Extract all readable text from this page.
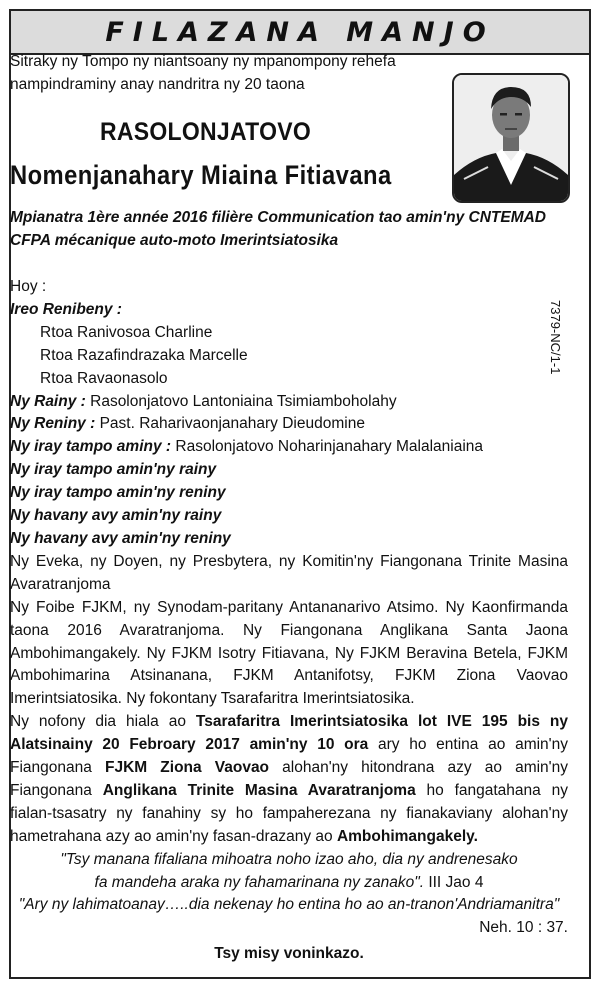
FILAZANA MANJO
Sitraky ny Tompo ny niantsoany ny mpanompony rehefa nampindraminy anay nandritra ny 20 taona
RASOLONJATOVO
Nomenjanahary Miaina Fitiavana
Mpianatra 1ère année 2016 filière Communication tao amin'ny CNTEMAD CFPA mécanique auto-moto Imerintsiatosika
7379-NC/1-1
Hoy :
Ireo Renibeny :
Rtoa Ranivosoa Charline
Rtoa Razafindrazaka Marcelle
Rtoa Ravaonasolo
Ny Rainy : Rasolonjatovo Lantoniaina Tsimiamboholahy
Ny Reniny : Past. Raharivaonjanahary Dieudomine
Ny iray tampo aminy : Rasolonjatovo Noharinjanahary Malalaniaina
Ny iray tampo amin'ny rainy
Ny iray tampo amin'ny reniny
Ny havany avy amin'ny rainy
Ny havany avy amin'ny reniny
Ny Eveka, ny Doyen, ny Presbytera, ny Komitin'ny Fiangonana Trinite Masina Avaratranjoma
Ny Foibe FJKM, ny Synodam-paritany Antananarivo Atsimo. Ny Kaonfirmanda taona 2016 Avaratranjoma. Ny Fiangonana Anglikana Santa Jaona Ambohimangakely. Ny FJKM Isotry Fitiavana, Ny FJKM Beravina Betela, FJKM Ambohimarina Atsinanana, FJKM Antanifotsy, FJKM Ziona Vaovao Imerintsiatosika. Ny fokontany Tsarafaritra Imerintsiatosika.
Ny nofony dia hiala ao Tsarafaritra Imerintsiatosika lot IVE 195 bis ny Alatsinainy 20 Febroary 2017 amin'ny 10 ora ary ho entina ao amin'ny Fiangonana FJKM Ziona Vaovao alohan'ny hitondrana azy ao amin'ny Fiangonana Anglikana Trinite Masina Avaratranjoma ho fangatahana ny fialan-tsasatry ny fanahiny sy ho fampaherezana ny fianakaviany alohan'ny hametrahana azy ao amin'ny fasan-drazany ao Ambohimangakely.
"Tsy manana fifaliana mihoatra noho izao aho, dia ny andrenesako
fa mandeha araka ny fahamarinana ny zanako". III Jao 4
"Ary ny lahimatoanay…..dia nekenay ho entina ho ao an-tranon'Andriamanitra"
Neh. 10 : 37.
Tsy misy voninkazo.
